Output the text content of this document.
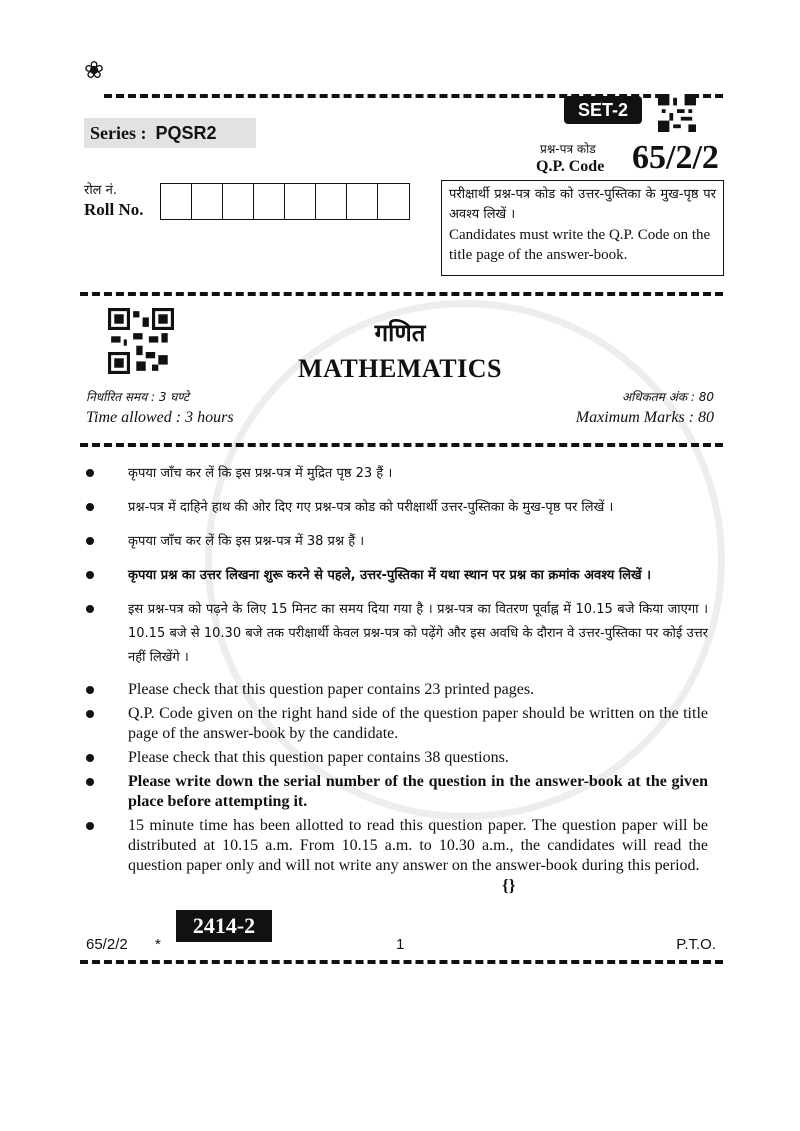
❀
Series : PQSR2
SET-2
प्रश्न-पत्र कोड
Q.P. Code 65/2/2
रोल नं.
Roll No.
परीक्षार्थी प्रश्न-पत्र कोड को उत्तर-पुस्तिका के मुख-पृष्ठ पर अवश्य लिखें ।
Candidates must write the Q.P. Code on the title page of the answer-book.
गणित
MATHEMATICS
निर्धारित समय : 3 घण्टे
Time allowed : 3 hours
अधिकतम अंक : 80
Maximum Marks : 80
कृपया जाँच कर लें कि इस प्रश्न-पत्र में मुद्रित पृष्ठ 23 हैं ।
प्रश्न-पत्र में दाहिने हाथ की ओर दिए गए प्रश्न-पत्र कोड को परीक्षार्थी उत्तर-पुस्तिका के मुख-पृष्ठ पर लिखें ।
कृपया जाँच कर लें कि इस प्रश्न-पत्र में 38 प्रश्न हैं ।
कृपया प्रश्न का उत्तर लिखना शुरू करने से पहले, उत्तर-पुस्तिका में यथा स्थान पर प्रश्न का क्रमांक अवश्य लिखें ।
इस प्रश्न-पत्र को पढ़ने के लिए 15 मिनट का समय दिया गया है । प्रश्न-पत्र का वितरण पूर्वाह्न में 10.15 बजे किया जाएगा । 10.15 बजे से 10.30 बजे तक परीक्षार्थी केवल प्रश्न-पत्र को पढ़ेंगे और इस अवधि के दौरान वे उत्तर-पुस्तिका पर कोई उत्तर नहीं लिखेंगे ।
Please check that this question paper contains 23 printed pages.
Q.P. Code given on the right hand side of the question paper should be written on the title page of the answer-book by the candidate.
Please check that this question paper contains 38 questions.
Please write down the serial number of the question in the answer-book at the given place before attempting it.
15 minute time has been allotted to read this question paper. The question paper will be distributed at 10.15 a.m. From 10.15 a.m. to 10.30 a.m., the candidates will read the question paper only and will not write any answer on the answer-book during this period.
{}
2414-2
65/2/2 *	1	P.T.O.
